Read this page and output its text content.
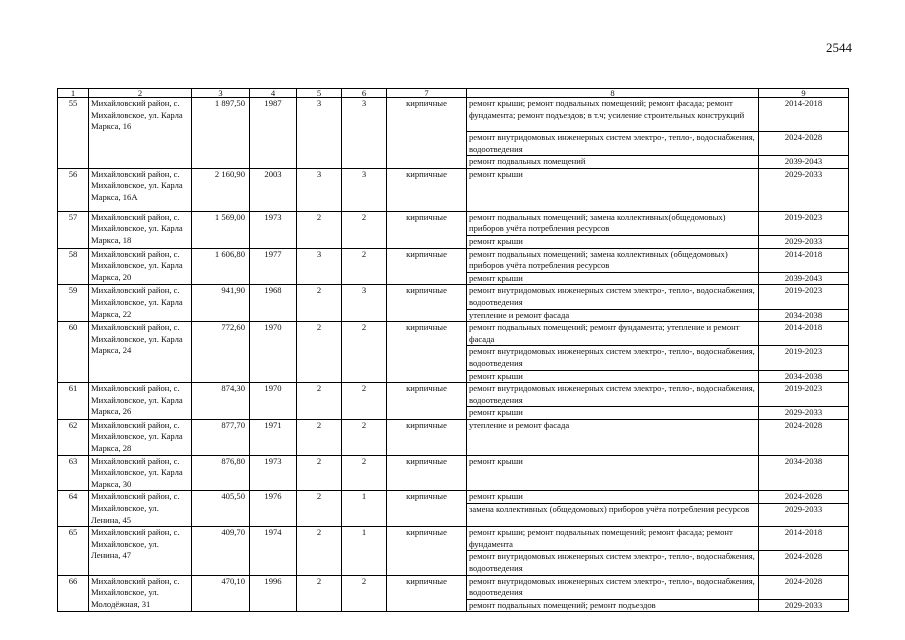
2544
1	2	3	4	5	6	7	8	9
55	Михайловский район, с. Михайловское, ул. Карла Маркса, 16	1 897,50	1987	3	3	кирпичные	ремонт крыши; ремонт подвальных помещений; ремонт фасада; ремонт фундамента; ремонт подъездов; в т.ч; усиление строительных конструкций	2014-2018
							ремонт внутридомовых инженерных систем электро-, тепло-, водоснабжения, водоотведения	2024-2028
							ремонт подвальных помещений	2039-2043
56	Михайловский район, с. Михайловское, ул. Карла Маркса, 16А	2 160,90	2003	3	3	кирпичные	ремонт крыши	2029-2033
57	Михайловский район, с. Михайловское, ул. Карла Маркса, 18	1 569,00	1973	2	2	кирпичные	ремонт подвальных помещений; замена коллективных(общедомовых) приборов учёта потребления ресурсов	2019-2023
							ремонт крыши	2029-2033
58	Михайловский район, с. Михайловское, ул. Карла Маркса, 20	1 606,80	1977	3	2	кирпичные	ремонт подвальных помещений; замена коллективных (общедомовых) приборов учёта потребления ресурсов	2014-2018
							ремонт крыши	2039-2043
59	Михайловский район, с. Михайловское, ул. Карла Маркса, 22	941,90	1968	2	3	кирпичные	ремонт внутридомовых инженерных систем электро-, тепло-, водоснабжения, водоотведения	2019-2023
							утепление и ремонт фасада	2034-2038
60	Михайловский район, с. Михайловское, ул. Карла Маркса, 24	772,60	1970	2	2	кирпичные	ремонт подвальных помещений; ремонт фундамента; утепление и ремонт фасада	2014-2018
							ремонт внутридомовых инженерных систем электро-, тепло-, водоснабжения, водоотведения	2019-2023
							ремонт крыши	2034-2038
61	Михайловский район, с. Михайловское, ул. Карла Маркса, 26	874,30	1970	2	2	кирпичные	ремонт внутридомовых инженерных систем электро-, тепло-, водоснабжения, водоотведения	2019-2023
							ремонт крыши	2029-2033
62	Михайловский район, с. Михайловское, ул. Карла Маркса, 28	877,70	1971	2	2	кирпичные	утепление и ремонт фасада	2024-2028
63	Михайловский район, с. Михайловское, ул. Карла Маркса, 30	876,80	1973	2	2	кирпичные	ремонт крыши	2034-2038
64	Михайловский район, с. Михайловское, ул. Ленина, 45	405,50	1976	2	1	кирпичные	ремонт крыши	2024-2028
							замена коллективных (общедомовых) приборов учёта потребления ресурсов	2029-2033
65	Михайловский район, с. Михайловское, ул. Ленина, 47	409,70	1974	2	1	кирпичные	ремонт крыши; ремонт подвальных помещений; ремонт фасада; ремонт фундамента	2014-2018
							ремонт внутридомовых инженерных систем электро-, тепло-, водоснабжения, водоотведения	2024-2028
66	Михайловский район, с. Михайловское, ул. Молодёжная, 31	470,10	1996	2	2	кирпичные	ремонт внутридомовых инженерных систем электро-, тепло-, водоснабжения, водоотведения	2024-2028
							ремонт подвальных помещений; ремонт подъездов	2029-2033
